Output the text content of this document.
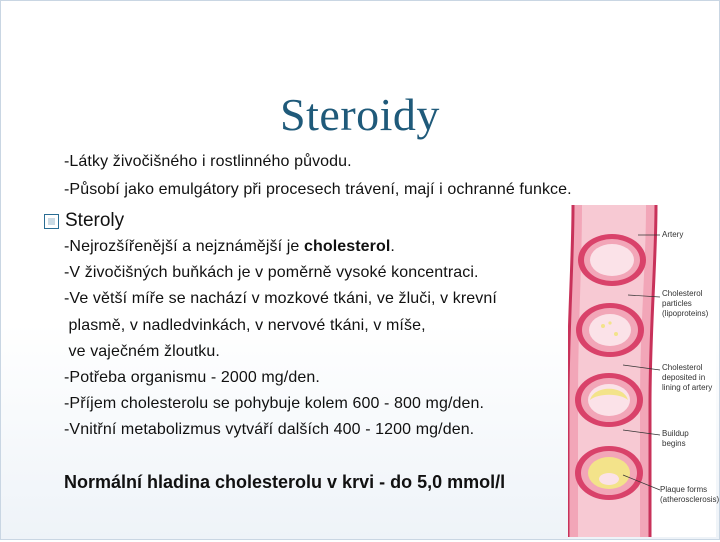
Steroidy
-Látky živočišného i rostlinného původu.
-Působí jako emulgátory při procesech trávení, mají i ochranné funkce.
Steroly
-Nejrozšířenější a nejznámější je cholesterol.
-V živočišných buňkách je v poměrně vysoké koncentraci.
-Ve větší míře se nachází v mozkové tkáni, ve žluči, v krevní
plasmě, v nadledvinkách, v nervové tkáni, v míše,
ve vaječném žloutku.
-Potřeba organismu - 2000 mg/den.
-Příjem cholesterolu se pohybuje kolem 600 - 800 mg/den.
-Vnitřní metabolizmus vytváří dalších 400 - 1200 mg/den.
Normální hladina cholesterolu v krvi - do 5,0 mmol/l
Artery
Cholesterol
particles
(lipoproteins)
Cholesterol
deposited in
lining of artery
Buildup
begins
Plaque forms
(atherosclerosis)
